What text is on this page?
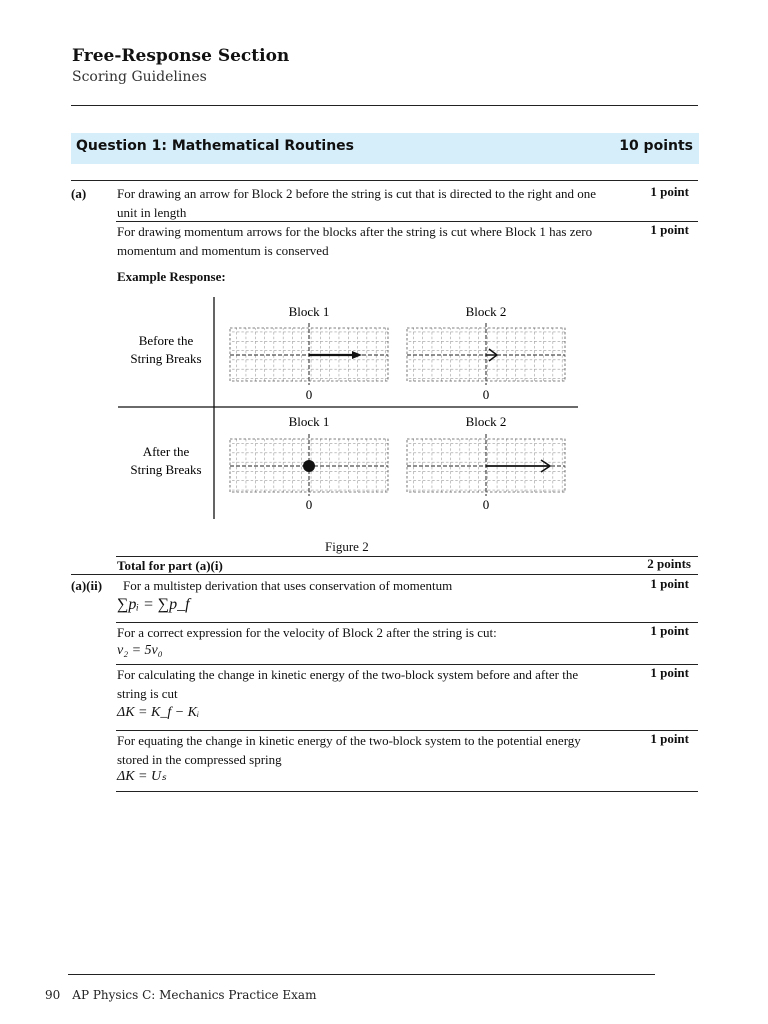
Free-Response Section
Scoring Guidelines
Question 1: Mathematical Routines	10 points
(a) For drawing an arrow for Block 2 before the string is cut that is directed to the right and one
unit in length
1 point
For drawing momentum arrows for the blocks after the string is cut where Block 1 has zero
momentum and momentum is conserved
1 point
Example Response:
Before the
String Breaks
After the
String Breaks
Block 1	Block 2
Block 1	Block 2
0	0
0	0
Figure 2
Total for part (a)(i)	2 points
(a)(ii) For a multistep derivation that uses conservation of momentum	1 point
∑pᵢ = ∑p_f
For a correct expression for the velocity of Block 2 after the string is cut:	1 point
v₂ = 5v₀
For calculating the change in kinetic energy of the two-block system before and after the
string is cut
1 point
ΔK = K_f − Kᵢ
For equating the change in kinetic energy of the two-block system to the potential energy
stored in the compressed spring
1 point
ΔK = Uₛ
90 AP Physics C: Mechanics Practice Exam
